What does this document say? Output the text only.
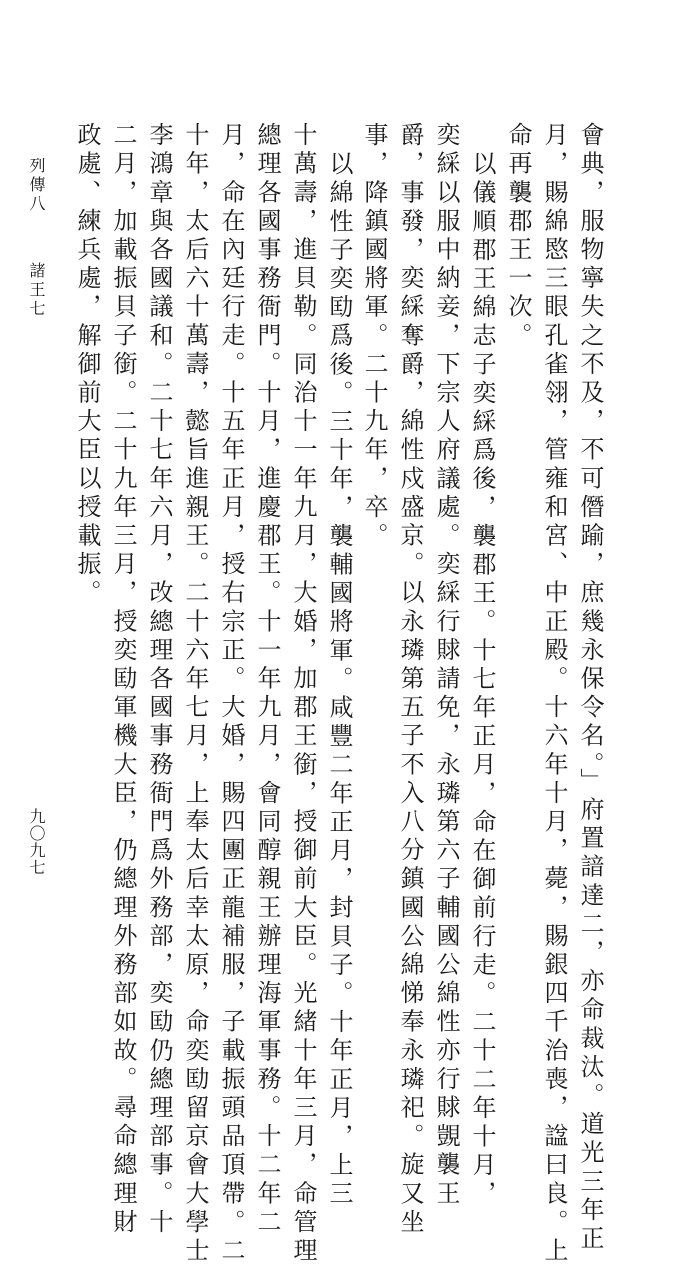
會典，服物寧失之不及，不可僭踰，庶幾永保令名。」府置諳達二，亦命裁汰。道光三年正
月，賜綿愍三眼孔雀翎，管雍和宮、中正殿。十六年十月，薨，賜銀四千治喪，諡曰良。上
命再襲郡王一次。
以儀順郡王綿志子奕綵爲後，襲郡王。十七年正月，命在御前行走。二十二年十月，
奕綵以服中納妾，下宗人府議處。奕綵行賕請免，永璘第六子輔國公綿性亦行賕覬襲王
爵，事發，奕綵奪爵，綿性戍盛京。以永璘第五子不入八分鎮國公綿悌奉永璘祀。旋又坐
事，降鎮國將軍。二十九年，卒。
以綿性子奕劻爲後。三十年，襲輔國將軍。咸豐二年正月，封貝子。十年正月，上三
十萬壽，進貝勒。同治十一年九月，大婚，加郡王銜，授御前大臣。光緒十年三月，命管理
總理各國事務衙門。十月，進慶郡王。十一年九月，會同醇親王辦理海軍事務。十二年二
月，命在內廷行走。十五年正月，授右宗正。大婚，賜四團正龍補服，子載振頭品頂帶。二
十年，太后六十萬壽，懿旨進親王。二十六年七月，上奉太后幸太原，命奕劻留京會大學士
李鴻章與各國議和。二十七年六月，改總理各國事務衙門爲外務部，奕劻仍總理部事。十
二月，加載振貝子銜。二十九年三月，授奕劻軍機大臣，仍總理外務部如故。尋命總理財
政處、練兵處，解御前大臣以授載振。
列傳八
諸王七
九〇九七
